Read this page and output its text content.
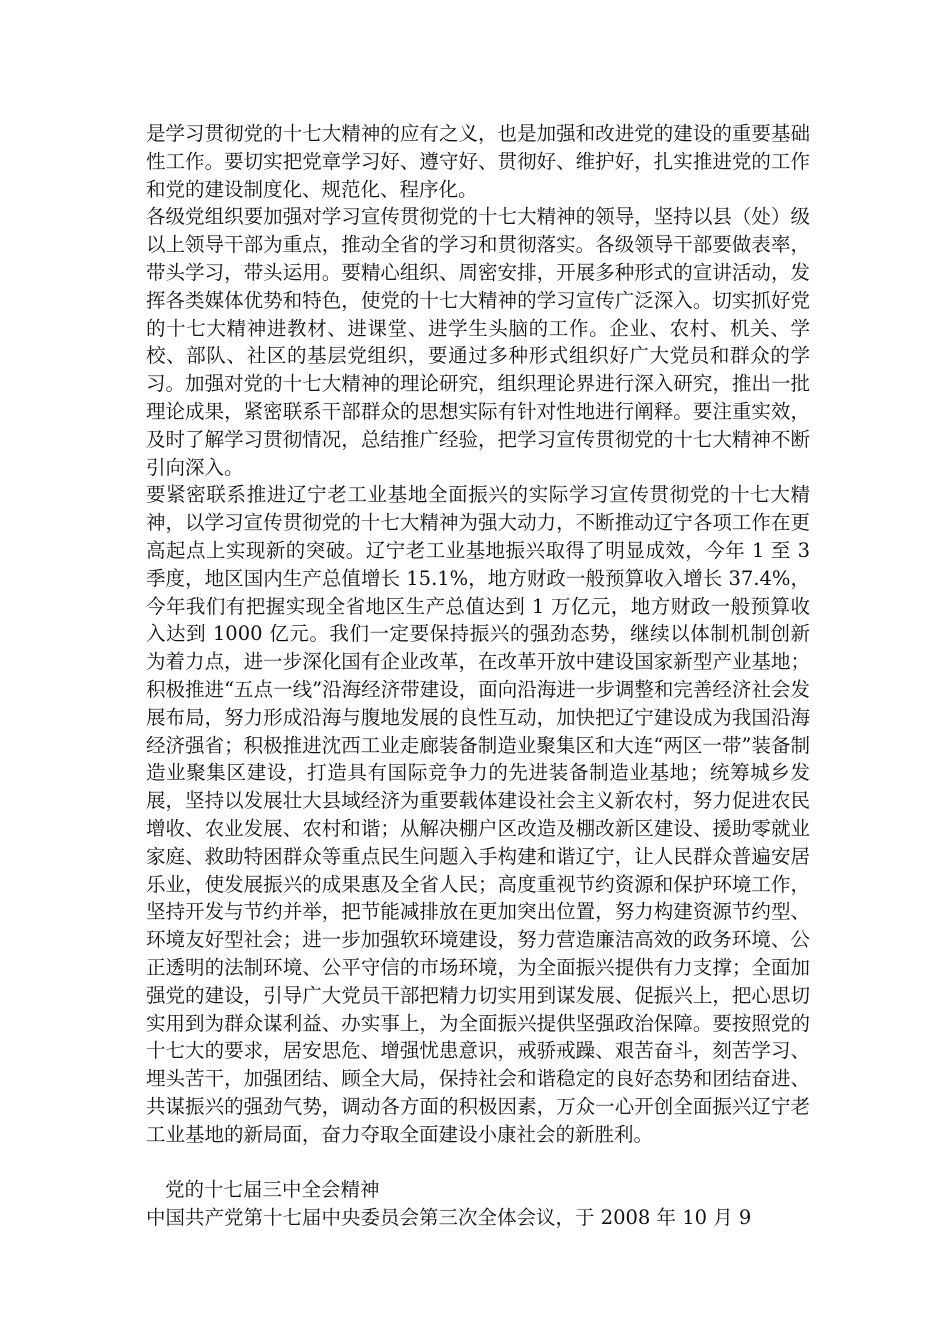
是学习贯彻党的十七大精神的应有之义，也是加强和改进党的建设的重要基础性工作。要切实把党章学习好、遵守好、贯彻好、维护好，扎实推进党的工作和党的建设制度化、规范化、程序化。

各级党组织要加强对学习宣传贯彻党的十七大精神的领导，坚持以县（处）级以上领导干部为重点，推动全省的学习和贯彻落实。各级领导干部要做表率，带头学习，带头运用。要精心组织、周密安排，开展多种形式的宣讲活动，发挥各类媒体优势和特色，使党的十七大精神的学习宣传广泛深入。切实抓好党的十七大精神进教材、进课堂、进学生头脑的工作。企业、农村、机关、学校、部队、社区的基层党组织，要通过多种形式组织好广大党员和群众的学习。加强对党的十七大精神的理论研究，组织理论界进行深入研究，推出一批理论成果，紧密联系干部群众的思想实际有针对性地进行阐释。要注重实效，及时了解学习贯彻情况，总结推广经验，把学习宣传贯彻党的十七大精神不断引向深入。

要紧密联系推进辽宁老工业基地全面振兴的实际学习宣传贯彻党的十七大精神，以学习宣传贯彻党的十七大精神为强大动力，不断推动辽宁各项工作在更高起点上实现新的突破。辽宁老工业基地振兴取得了明显成效，今年 1 至 3 季度，地区国内生产总值增长 15.1%，地方财政一般预算收入增长 37.4%，今年我们有把握实现全省地区生产总值达到 1 万亿元，地方财政一般预算收入达到 1000 亿元。我们一定要保持振兴的强劲态势，继续以体制机制创新为着力点，进一步深化国有企业改革，在改革开放中建设国家新型产业基地；积极推进“五点一线”沿海经济带建设，面向沿海进一步调整和完善经济社会发展布局，努力形成沿海与腹地发展的良性互动，加快把辽宁建设成为我国沿海经济强省；积极推进沈西工业走廊装备制造业聚集区和大连“两区一带”装备制造业聚集区建设，打造具有国际竞争力的先进装备制造业基地；统筹城乡发展，坚持以发展壮大县域经济为重要载体建设社会主义新农村，努力促进农民增收、农业发展、农村和谐；从解决棚户区改造及棚改新区建设、援助零就业家庭、救助特困群众等重点民生问题入手构建和谐辽宁，让人民群众普遍安居乐业，使发展振兴的成果惠及全省人民；高度重视节约资源和保护环境工作，坚持开发与节约并举，把节能减排放在更加突出位置，努力构建资源节约型、环境友好型社会；进一步加强软环境建设，努力营造廉洁高效的政务环境、公正透明的法制环境、公平守信的市场环境，为全面振兴提供有力支撑；全面加强党的建设，引导广大党员干部把精力切实用到谋发展、促振兴上，把心思切实用到为群众谋利益、办实事上，为全面振兴提供坚强政治保障。要按照党的十七大的要求，居安思危、增强忧患意识，戒骄戒躁、艰苦奋斗，刻苦学习、埋头苦干，加强团结、顾全大局，保持社会和谐稳定的良好态势和团结奋进、共谋振兴的强劲气势，调动各方面的积极因素，万众一心开创全面振兴辽宁老工业基地的新局面，奋力夺取全面建设小康社会的新胜利。

党的十七届三中全会精神

中国共产党第十七届中央委员会第三次全体会议，于 2008 年 10 月 9
